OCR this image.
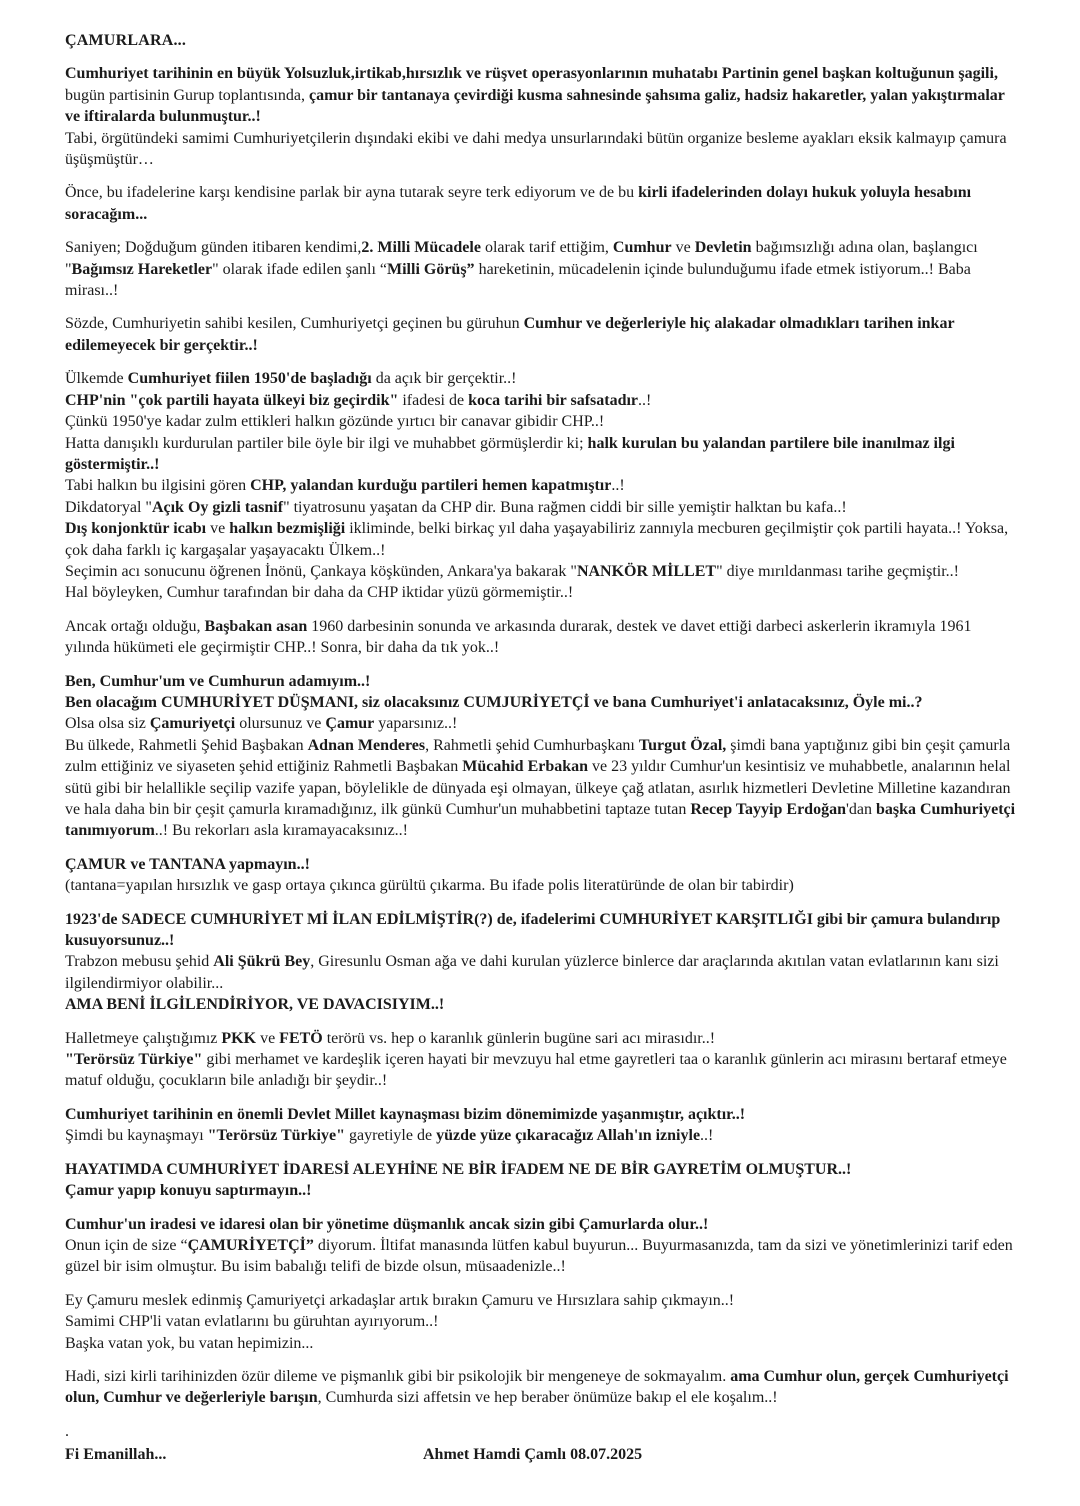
ÇAMURLARA...

Cumhuriyet tarihinin en büyük Yolsuzluk,irtikab,hırsızlık ve rüşvet operasyonlarının muhatabı Partinin genel başkan koltuğunun şagili, bugün partisinin Gurup toplantısında, çamur bir tantanaya çevirdiği kusma sahnesinde şahsıma galiz, hadsiz hakaretler, yalan yakıştırmalar ve iftiralarda bulunmuştur..!
Tabi, örgütündeki samimi Cumhuriyetçilerin dışındaki ekibi ve dahi medya unsurlarındaki bütün organize besleme ayakları eksik kalmayıp çamura üşüşmüştür…

Önce, bu ifadelerine karşı kendisine parlak bir ayna tutarak seyre terk ediyorum ve de bu kirli ifadelerinden dolayı hukuk yoluyla hesabını soracağım...

Saniyen; Doğduğum günden itibaren kendimi,2. Milli Mücadele olarak tarif ettiğim, Cumhur ve Devletin bağımsızlığı adına olan, başlangıcı "Bağımsız Hareketler" olarak ifade edilen şanlı “Milli Görüş” hareketinin, mücadelenin içinde bulunduğumu ifade etmek istiyorum..! Baba mirası..!

Sözde, Cumhuriyetin sahibi kesilen, Cumhuriyetçi geçinen bu güruhun Cumhur ve değerleriyle hiç alakadar olmadıkları tarihen inkar edilemeyecek bir gerçektir..!

Ülkemde Cumhuriyet fiilen 1950'de başladığı da açık bir gerçektir..!
CHP'nin "çok partili hayata ülkeyi biz geçirdik" ifadesi de koca tarihi bir safsatadır..!
Çünkü 1950'ye kadar zulm ettikleri halkın gözünde yırtıcı bir canavar gibidir CHP..!
Hatta danışıklı kurdurulan partiler bile öyle bir ilgi ve muhabbet görmüşlerdir ki; halk kurulan bu yalandan partilere bile inanılmaz ilgi göstermiştir..!
Tabi halkın bu ilgisini gören CHP, yalandan kurduğu partileri hemen kapatmıştır..!
Dikdatoryal "Açık Oy gizli tasnif" tiyatrosunu yaşatan da CHP dir. Buna rağmen ciddi bir sille yemiştir halktan bu kafa..!
Dış konjonktür icabı ve halkın bezmişliği ikliminde, belki birkaç yıl daha yaşayabiliriz zannıyla mecburen geçilmiştir çok partili hayata..! Yoksa, çok daha farklı iç kargaşalar yaşayacaktı Ülkem..!
Seçimin acı sonucunu öğrenen İnönü, Çankaya köşkünden, Ankara'ya bakarak "NANKÖR MİLLET" diye mırıldanması tarihe geçmiştir..!
Hal böyleyken, Cumhur tarafından bir daha da CHP iktidar yüzü görmemiştir..!

Ancak ortağı olduğu, Başbakan asan 1960 darbesinin sonunda ve arkasında durarak, destek ve davet ettiği darbeci askerlerin ikramıyla 1961 yılında hükümeti ele geçirmiştir CHP..! Sonra, bir daha da tık yok..!

Ben, Cumhur'um ve Cumhurun adamıyım..!
Ben olacağım CUMHURİYET DÜŞMANI, siz olacaksınız CUMJURİYETÇİ ve bana Cumhuriyet'i anlatacaksınız, Öyle mi..?
Olsa olsa siz Çamuriyetçi olursunuz ve Çamur yaparsınız..!
Bu ülkede, Rahmetli Şehid Başbakan Adnan Menderes, Rahmetli şehid Cumhurbaşkanı Turgut Özal, şimdi bana yaptığınız gibi bin çeşit çamurla zulm ettiğiniz ve siyaseten şehid ettiğiniz Rahmetli Başbakan Mücahid Erbakan ve 23 yıldır Cumhur'un kesintisiz ve muhabbetle, analarının helal sütü gibi bir helallikle seçilip vazife yapan, böylelikle de dünyada eşi olmayan, ülkeye çağ atlatan, asırlık hizmetleri Devletine Milletine kazandıran ve hala daha bin bir çeşit çamurla kıramadığınız, ilk günkü Cumhur'un muhabbetini taptaze tutan Recep Tayyip Erdoğan'dan başka Cumhuriyetçi tanımıyorum..! Bu rekorları asla kıramayacaksınız..!

ÇAMUR ve TANTANA yapmayın..!
(tantana=yapılan hırsızlık ve gasp ortaya çıkınca gürültü çıkarma. Bu ifade polis literatüründe de olan bir tabirdir)

1923'de SADECE CUMHURİYET Mİ İLAN EDİLMİŞTİR(?) de, ifadelerimi CUMHURİYET KARŞITLIĞI gibi bir çamura bulandırıp kusuyorsunuz..!
Trabzon mebusu şehid Ali Şükrü Bey, Giresunlu Osman ağa ve dahi kurulan yüzlerce binlerce dar araçlarında akıtılan vatan evlatlarının kanı sizi ilgilendirmiyor olabilir...
AMA BENİ İLGİLENDİRİYOR, VE DAVACISIYIM..!

Halletmeye çalıştığımız PKK ve FETÖ terörü vs. hep o karanlık günlerin bugüne sari acı mirasıdır..!
"Terörsüz Türkiye" gibi merhamet ve kardeşlik içeren hayati bir mevzuyu hal etme gayretleri taa o karanlık günlerin acı mirasını bertaraf etmeye matuf olduğu, çocukların bile anladığı bir şeydir..!

Cumhuriyet tarihinin en önemli Devlet Millet kaynaşması bizim dönemimizde yaşanmıştır, açıktır..!
Şimdi bu kaynaşmayı "Terörsüz Türkiye" gayretiyle de yüzde yüze çıkaracağız Allah'ın izniyle..!

HAYATIMDA CUMHURİYET İDARESİ ALEYHİNE NE BİR İFADEM NE DE BİR GAYRETİM OLMUŞTUR..!
Çamur yapıp konuyu saptırmayın..!

Cumhur'un iradesi ve idaresi olan bir yönetime düşmanlık ancak sizin gibi Çamurlarda olur..!
Onun için de size “ÇAMURİYETÇİ” diyorum. İltifat manasında lütfen kabul buyurun... Buyurmasanızda, tam da sizi ve yönetimlerinizi tarif eden güzel bir isim olmuştur. Bu isim babalığı telifi de bizde olsun, müsaadenizle..!

Ey Çamuru meslek edinmiş Çamuriyetçi arkadaşlar artık bırakın Çamuru ve Hırsızlara sahip çıkmayın..!
Samimi CHP'li vatan evlatlarını bu güruhtan ayırıyorum..!
Başka vatan yok, bu vatan hepimizin...

Hadi, sizi kirli tarihinizden özür dileme ve pişmanlık gibi bir psikolojik bir mengeneye de sokmayalım. ama Cumhur olun, gerçek Cumhuriyetçi olun, Cumhur ve değerleriyle barışın, Cumhurda sizi affetsin ve hep beraber önümüze bakıp el ele koşalım..!

.

Fi Emanillah...	Ahmet Hamdi Çamlı 08.07.2025
